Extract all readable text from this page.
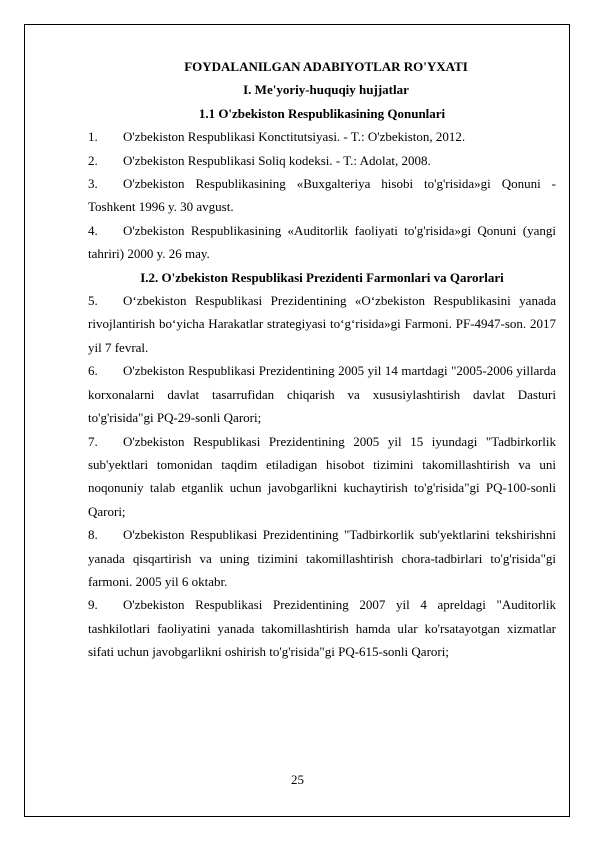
FOYDALANILGAN ADABIYOTLAR RO'YXATI

I. Me'yoriy-huquqiy hujjatlar

1.1 O'zbekiston Respublikasining Qonunlari

1. O'zbekiston Respublikasi Konctitutsiyasi. - T.: O'zbekiston, 2012.

2. O'zbekiston Respublikasi Soliq kodeksi. - T.: Adolat, 2008.

3. O'zbekiston Respublikasining «Buxgalteriya hisobi to'g'risida»gi Qonuni - Toshkent 1996 y. 30 avgust.

4. O'zbekiston Respublikasining «Auditorlik faoliyati to'g'risida»gi Qonuni (yangi tahriri) 2000 y. 26 may.

I.2. O'zbekiston Respublikasi Prezidenti Farmonlari va Qarorlari

5. O‘zbekiston Respublikasi Prezidentining «O‘zbekiston Respublikasini yanada rivojlantirish bo‘yicha Harakatlar strategiyasi to‘g‘risida»gi Farmoni. PF-4947-son. 2017 yil 7 fevral.

6. O'zbekiston Respublikasi Prezidentining 2005 yil 14 martdagi "2005-2006 yillarda korxonalarni davlat tasarrufidan chiqarish va xususiylashtirish davlat Dasturi to'g'risida"gi PQ-29-sonli Qarori;

7. O'zbekiston Respublikasi Prezidentining 2005 yil 15 iyundagi "Tadbirkorlik sub'yektlari tomonidan taqdim etiladigan hisobot tizimini takomillashtirish va uni noqonuniy talab etganlik uchun javobgarlikni kuchaytirish to'g'risida"gi PQ-100-sonli Qarori;

8. O'zbekiston Respublikasi Prezidentining "Tadbirkorlik sub'yektlarini tekshirishni yanada qisqartirish va uning tizimini takomillashtirish chora-tadbirlari to'g'risida"gi farmoni. 2005 yil 6 oktabr.

9. O'zbekiston Respublikasi Prezidentining 2007 yil 4 apreldagi "Auditorlik tashkilotlari faoliyatini yanada takomillashtirish hamda ular ko'rsatayotgan xizmatlar sifati uchun javobgarlikni oshirish to'g'risida"gi PQ-615-sonli Qarori;

25
